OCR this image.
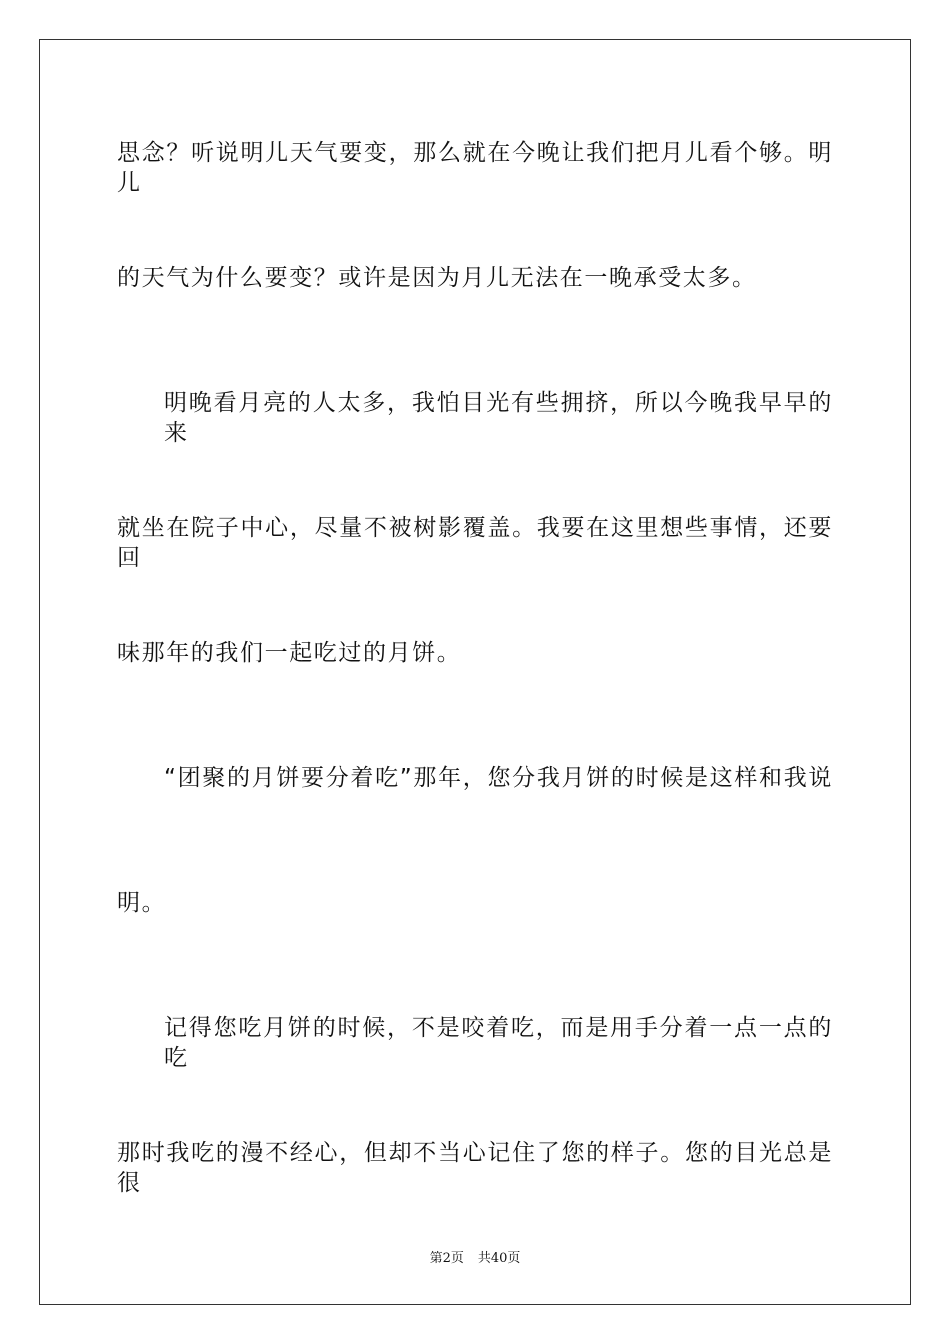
思念？听说明儿天气要变，那么就在今晚让我们把月儿看个够。明儿
的天气为什么要变？或许是因为月儿无法在一晚承受太多。
明晚看月亮的人太多，我怕目光有些拥挤，所以今晚我早早的来
就坐在院子中心，尽量不被树影覆盖。我要在这里想些事情，还要回
味那年的我们一起吃过的月饼。
“团聚的月饼要分着吃”那年，您分我月饼的时候是这样和我说
明。
记得您吃月饼的时候，不是咬着吃，而是用手分着一点一点的吃
那时我吃的漫不经心，但却不当心记住了您的样子。您的目光总是很
第2页 共40页
